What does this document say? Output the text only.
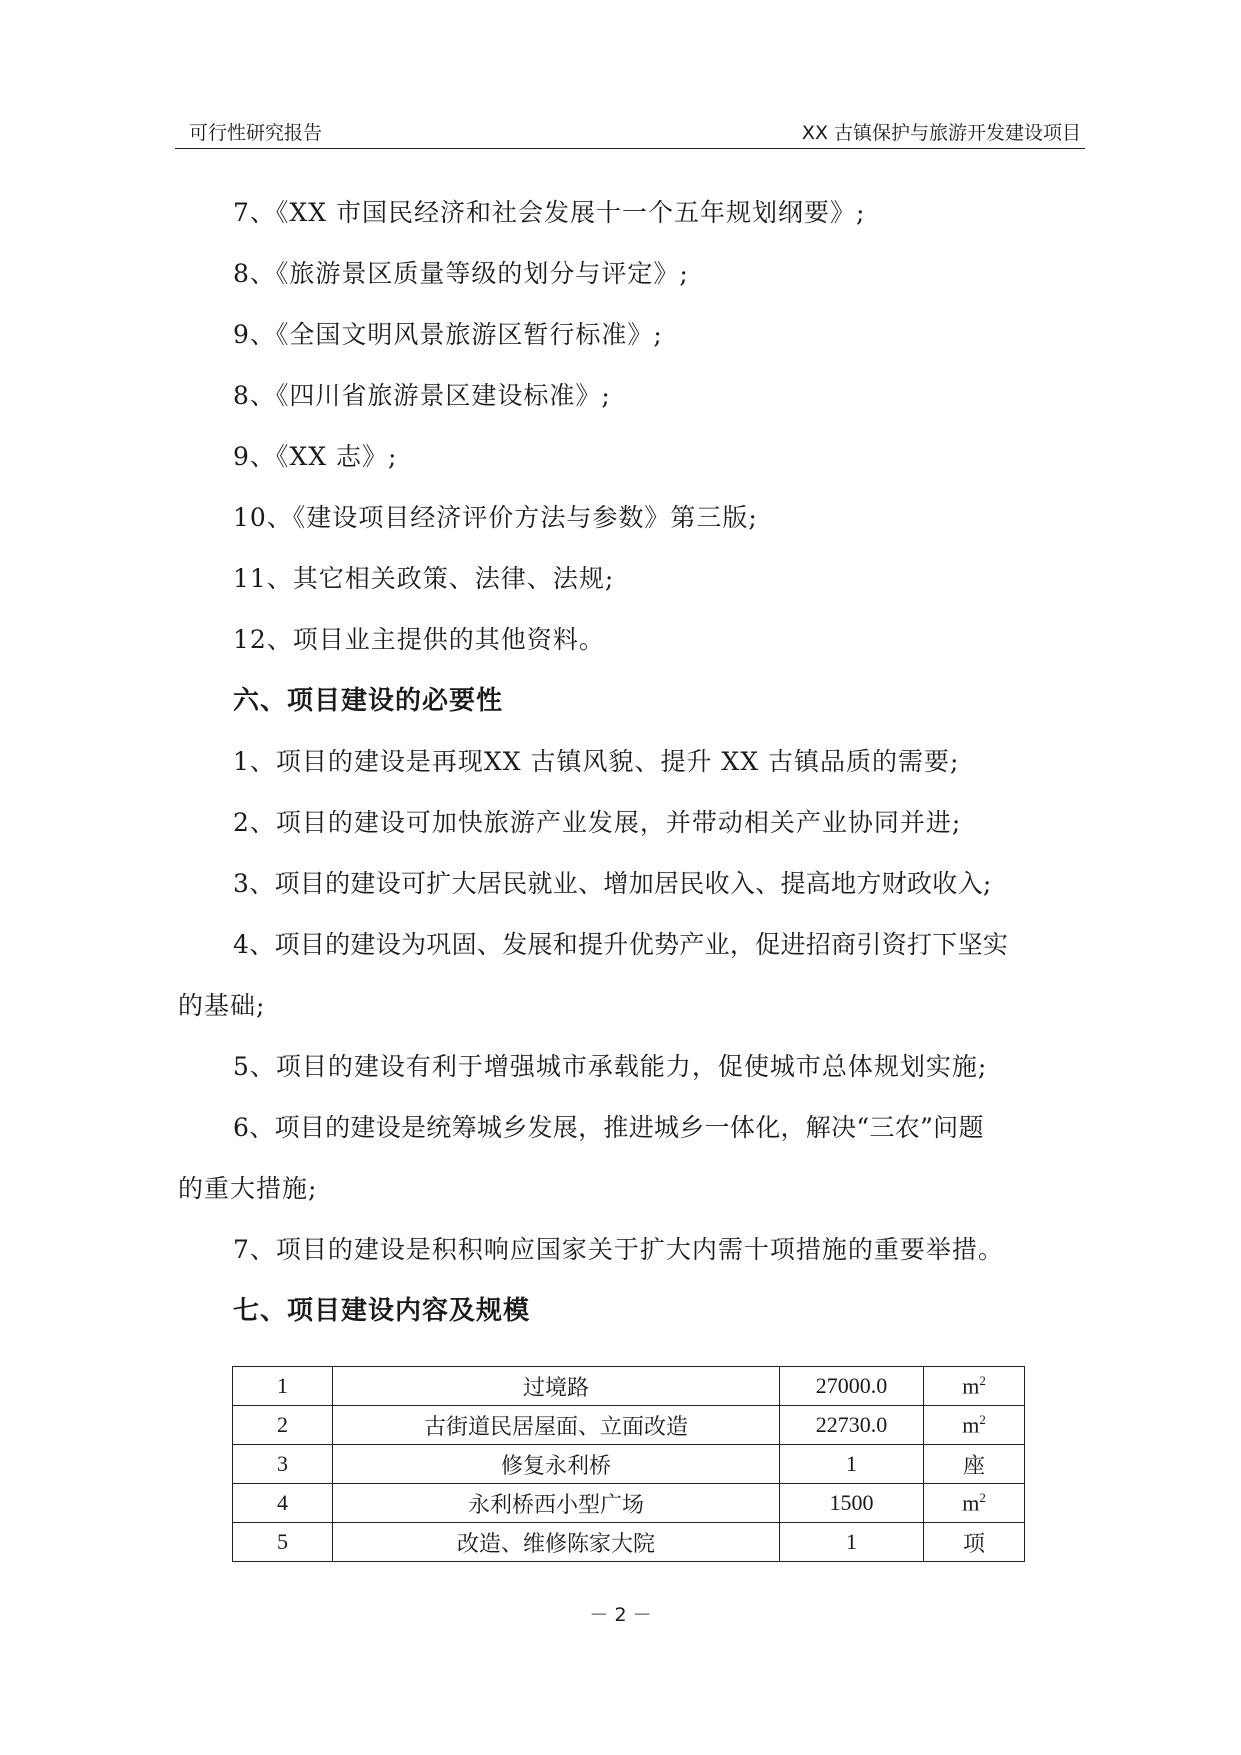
可行性研究报告	XX 古镇保护与旅游开发建设项目
7、《XX 市国民经济和社会发展十一个五年规划纲要》;
8、《旅游景区质量等级的划分与评定》;
9、《全国文明风景旅游区暂行标准》;
8、《四川省旅游景区建设标准》;
9、《XX 志》;
10、《建设项目经济评价方法与参数》第三版;
11、其它相关政策、法律、法规;
12、项目业主提供的其他资料。
六、项目建设的必要性
1、项目的建设是再现XX 古镇风貌、提升 XX 古镇品质的需要;
2、项目的建设可加快旅游产业发展，并带动相关产业协同并进;
3、项目的建设可扩大居民就业、增加居民收入、提高地方财政收入;
4、项目的建设为巩固、发展和提升优势产业，促进招商引资打下坚实
的基础;
5、项目的建设有利于增强城市承载能力，促使城市总体规划实施;
6、项目的建设是统筹城乡发展，推进城乡一体化，解决“三农”问题
的重大措施;
7、项目的建设是积积响应国家关于扩大内需十项措施的重要举措。
七、项目建设内容及规模
1	过境路	27000.0	$m^2$
2	古街道民居屋面、立面改造	22730.0	$m^2$
3	修复永利桥	1	座
4	永利桥西小型广场	1500	$m^2$
5	改造、维修陈家大院	1	项
－ 2 －
